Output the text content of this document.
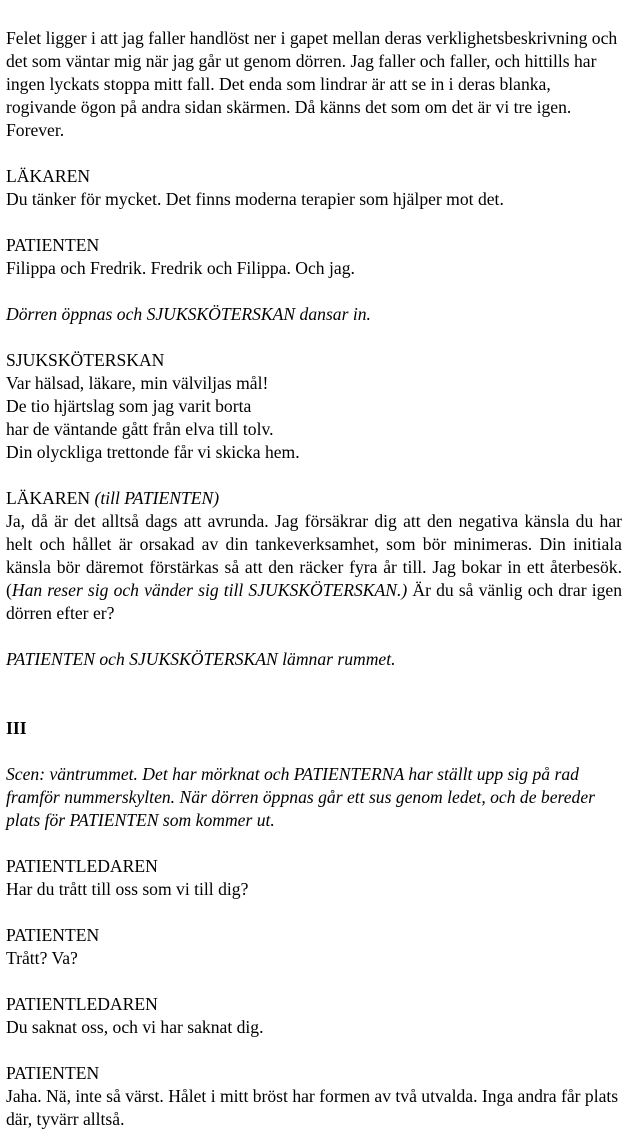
Felet ligger i att jag faller handlöst ner i gapet mellan deras verklighetsbeskrivning och det som väntar mig när jag går ut genom dörren. Jag faller och faller, och hittills har ingen lyckats stoppa mitt fall. Det enda som lindrar är att se in i deras blanka, rogivande ögon på andra sidan skärmen. Då känns det som om det är vi tre igen. Forever.

LÄKAREN

Du tänker för mycket. Det finns moderna terapier som hjälper mot det.

PATIENTEN

Filippa och Fredrik. Fredrik och Filippa. Och jag.

Dörren öppnas och SJUKSKÖTERSKAN dansar in.

SJUKSKÖTERSKAN

Var hälsad, läkare, min välviljas mål!

De tio hjärtslag som jag varit borta

har de väntande gått från elva till tolv.

Din olyckliga trettonde får vi skicka hem.

LÄKAREN (till PATIENTEN)

Ja, då är det alltså dags att avrunda. Jag försäkrar dig att den negativa känsla du har helt och hållet är orsakad av din tankeverksamhet, som bör minimeras. Din initiala känsla bör däremot förstärkas så att den räcker fyra år till. Jag bokar in ett återbesök. (Han reser sig och vänder sig till SJUKSKÖTERSKAN.) Är du så vänlig och drar igen dörren efter er?

PATIENTEN och SJUKSKÖTERSKAN lämnar rummet.

III

Scen: väntrummet. Det har mörknat och PATIENTERNA har ställt upp sig på rad framför nummerskylten. När dörren öppnas går ett sus genom ledet, och de bereder plats för PATIENTEN som kommer ut.

PATIENTLEDAREN

Har du trått till oss som vi till dig?

PATIENTEN

Trått? Va?

PATIENTLEDAREN

Du saknat oss, och vi har saknat dig.

PATIENTEN

Jaha. Nä, inte så värst. Hålet i mitt bröst har formen av två utvalda. Inga andra får plats där, tyvärr alltså.
